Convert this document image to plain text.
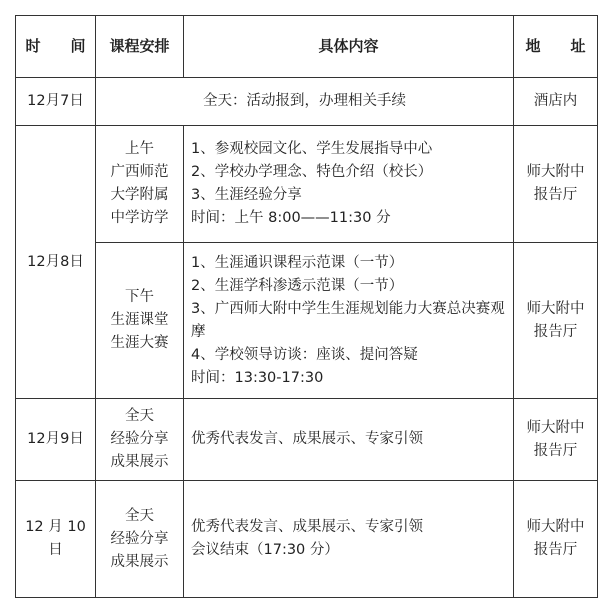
时　　间	课程安排	具体内容	地　　址
12月7日	全天：活动报到，办理相关手续		酒店内
12月8日	上午
广西师范
大学附属
中学访学	1、参观校园文化、学生发展指导中心
2、学校办学理念、特色介绍（校长）
3、生涯经验分享
时间：上午 8:00——11:30 分	师大附中
报告厅

	下午
生涯课堂
生涯大赛	1、生涯通识课程示范课（一节）
2、生涯学科渗透示范课（一节）
3、广西师大附中学生生涯规划能力大赛总决赛观摩
4、学校领导访谈：座谈、提问答疑
时间：13:30-17:30	师大附中
报告厅

12月9日	全天
经验分享
成果展示	优秀代表发言、成果展示、专家引领	师大附中
报告厅

12 月 10
日	全天
经验分享
成果展示	优秀代表发言、成果展示、专家引领
会议结束（17:30 分）	师大附中
报告厅
